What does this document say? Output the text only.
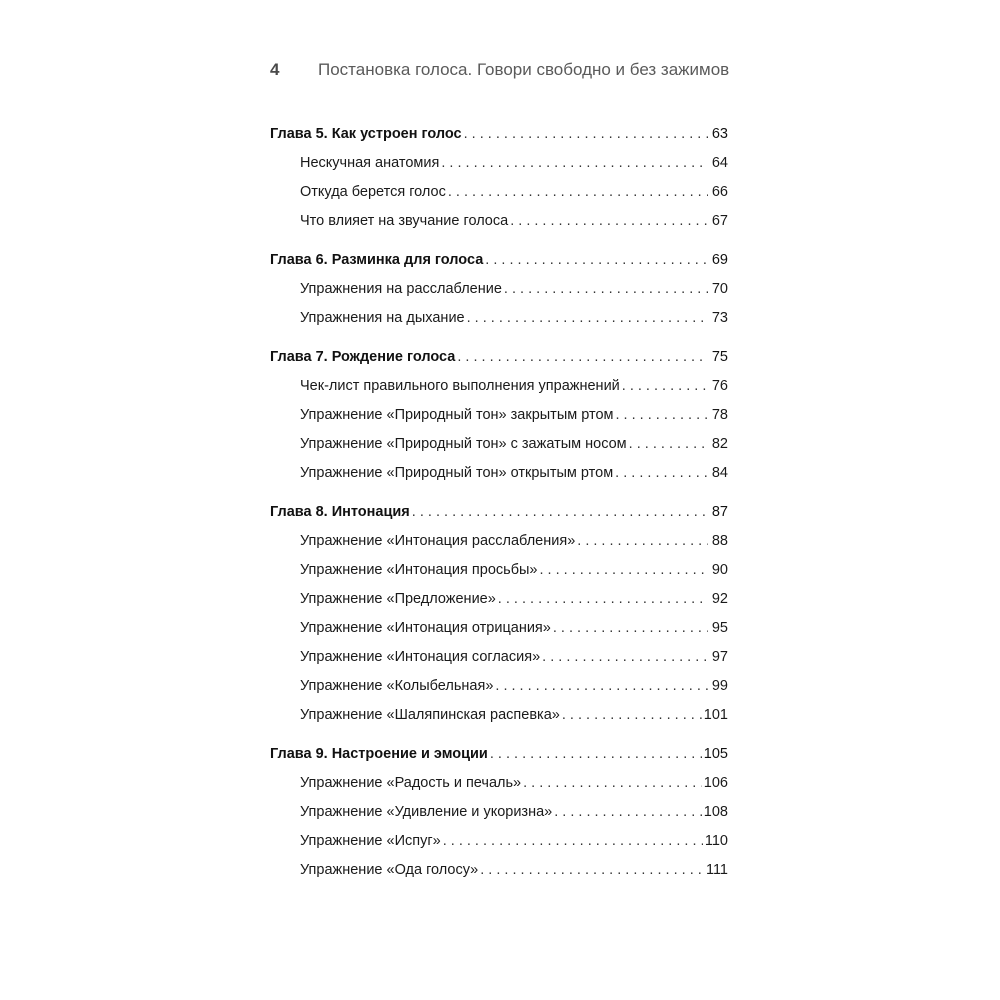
4	Постановка голоса. Говори свободно и без зажимов
Глава 5. Как устроен голос . . .	63
Нескучная анатомия . . .	64
Откуда берется голос . . .	66
Что влияет на звучание голоса . . .	67
Глава 6. Разминка для голоса . . .	69
Упражнения на расслабление . . .	70
Упражнения на дыхание . . .	73
Глава 7. Рождение голоса . . .	75
Чек-лист правильного выполнения упражнений . . .	76
Упражнение «Природный тон» закрытым ртом . . .	78
Упражнение «Природный тон» с зажатым носом . . .	82
Упражнение «Природный тон» открытым ртом . . .	84
Глава 8. Интонация . . .	87
Упражнение «Интонация расслабления» . . .	88
Упражнение «Интонация просьбы» . . .	90
Упражнение «Предложение» . . .	92
Упражнение «Интонация отрицания» . . .	95
Упражнение «Интонация согласия» . . .	97
Упражнение «Колыбельная» . . .	99
Упражнение «Шаляпинская распевка» . . .	101
Глава 9. Настроение и эмоции . . .	105
Упражнение «Радость и печаль» . . .	106
Упражнение «Удивление и укоризна» . . .	108
Упражнение «Испуг» . . .	110
Упражнение «Ода голосу» . . .	111
